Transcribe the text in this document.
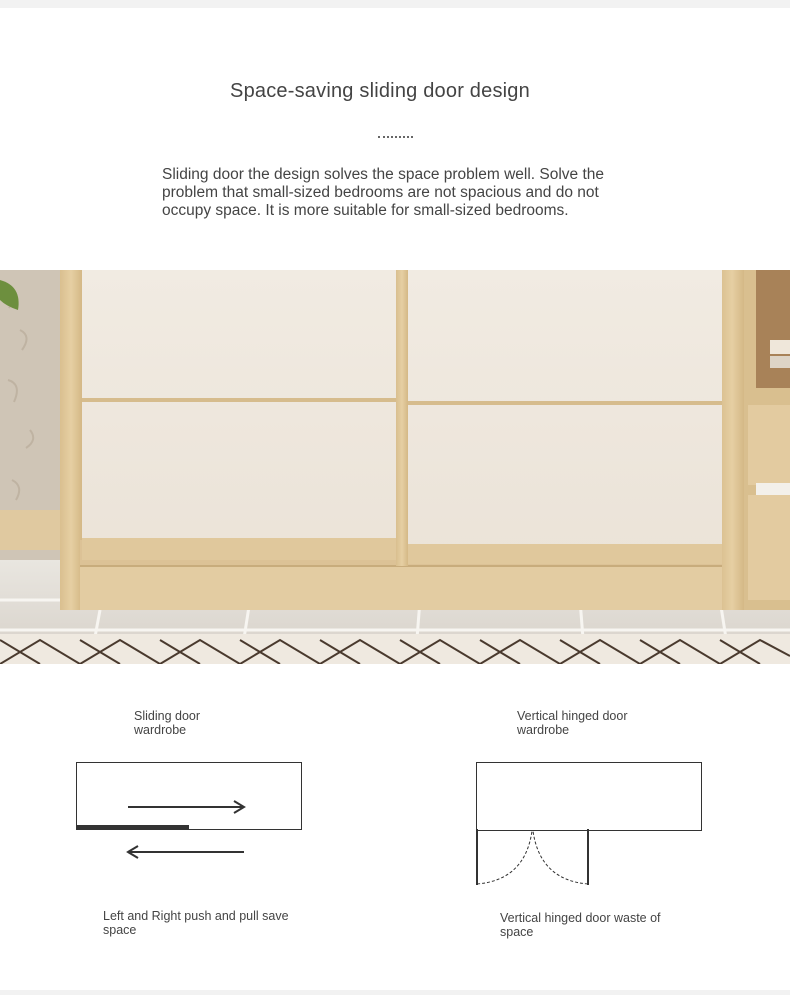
Space-saving sliding door design
Sliding door the design solves the space problem well. Solve the problem that small-sized bedrooms are not spacious and do not occupy space. It is more suitable for small-sized bedrooms.
Sliding door
wardrobe
Left and Right push and pull save
space
Vertical hinged door
wardrobe
Vertical hinged door waste of
space
